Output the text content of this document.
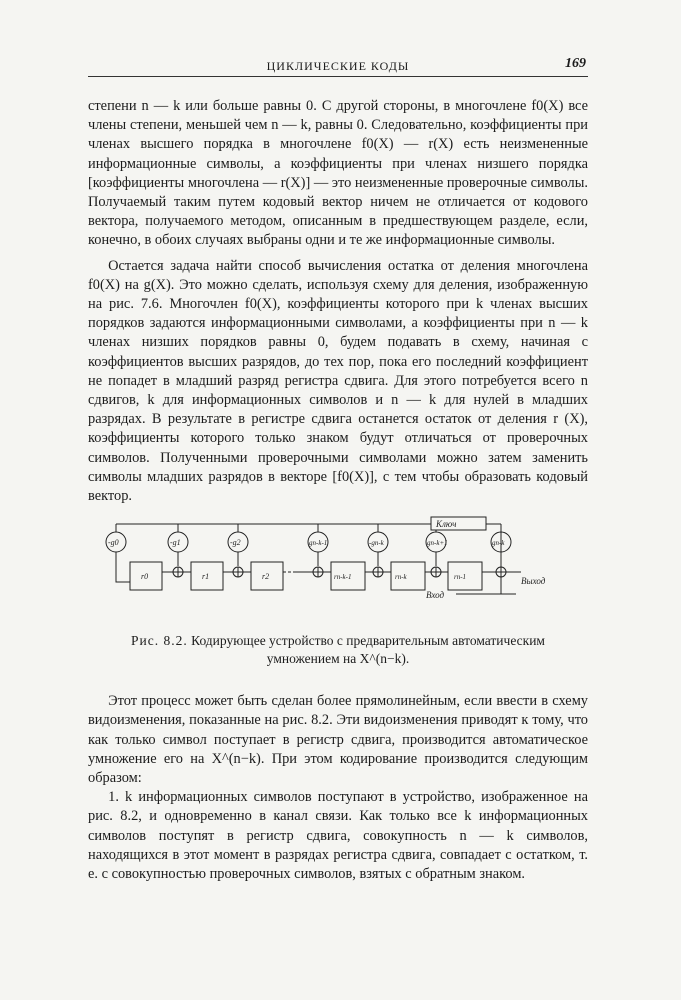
ЦИКЛИЧЕСКИЕ КОДЫ	169

степени n — k или больше равны 0. С другой стороны, в многочлене f0(X) все члены степени, меньшей чем n — k, равны 0. Следовательно, коэффициенты при членах высшего порядка в многочлене f0(X) — r(X) есть неизмененные информационные символы, а коэффициенты при членах низшего порядка [коэффициенты многочлена — r(X)] — это неизмененные проверочные символы. Получаемый таким путем кодовый вектор ничем не отличается от кодового вектора, получаемого методом, описанным в предшествующем разделе, если, конечно, в обоих случаях выбраны одни и те же информационные символы.

Остается задача найти способ вычисления остатка от деления многочлена f0(X) на g(X). Это можно сделать, используя схему для деления, изображенную на рис. 7.6. Многочлен f0(X), коэффициенты которого при k членах высших порядков задаются информационными символами, а коэффициенты при n — k членах низших порядков равны 0, будем подавать в схему, начиная с коэффициентов высших разрядов, до тех пор, пока его последний коэффициент не попадет в младший разряд регистра сдвига. Для этого потребуется всего n сдвигов, k для информационных символов и n — k для нулей в младших разрядах. В результате в регистре сдвига останется остаток от деления r (X), коэффициенты которого только знаком будут отличаться от проверочных символов. Полученными проверочными символами можно затем заменить символы младших разрядов в векторе [f0(X)], с тем чтобы образовать кодовый вектор.

Ключ
-g0	-g1	-g2	gn-k-1	-gn-k	gn-k+1	gn-k
r0	r1	r2	rn-k-1	rn-k	rn-1	Выход
Вход
Рис. 8.2. Кодирующее устройство с предварительным автоматическим умножением на X^(n−k).

Этот процесс может быть сделан более прямолинейным, если ввести в схему видоизменения, показанные на рис. 8.2. Эти видоизменения приводят к тому, что как только символ поступает в регистр сдвига, производится автоматическое умножение его на X^(n−k). При этом кодирование производится следующим образом:

1. k информационных символов поступают в устройство, изображенное на рис. 8.2, и одновременно в канал связи. Как только все k информационных символов поступят в регистр сдвига, совокупность n — k символов, находящихся в этот момент в разрядах регистра сдвига, совпадает с остатком, т. е. с совокупностью проверочных символов, взятых с обратным знаком.
